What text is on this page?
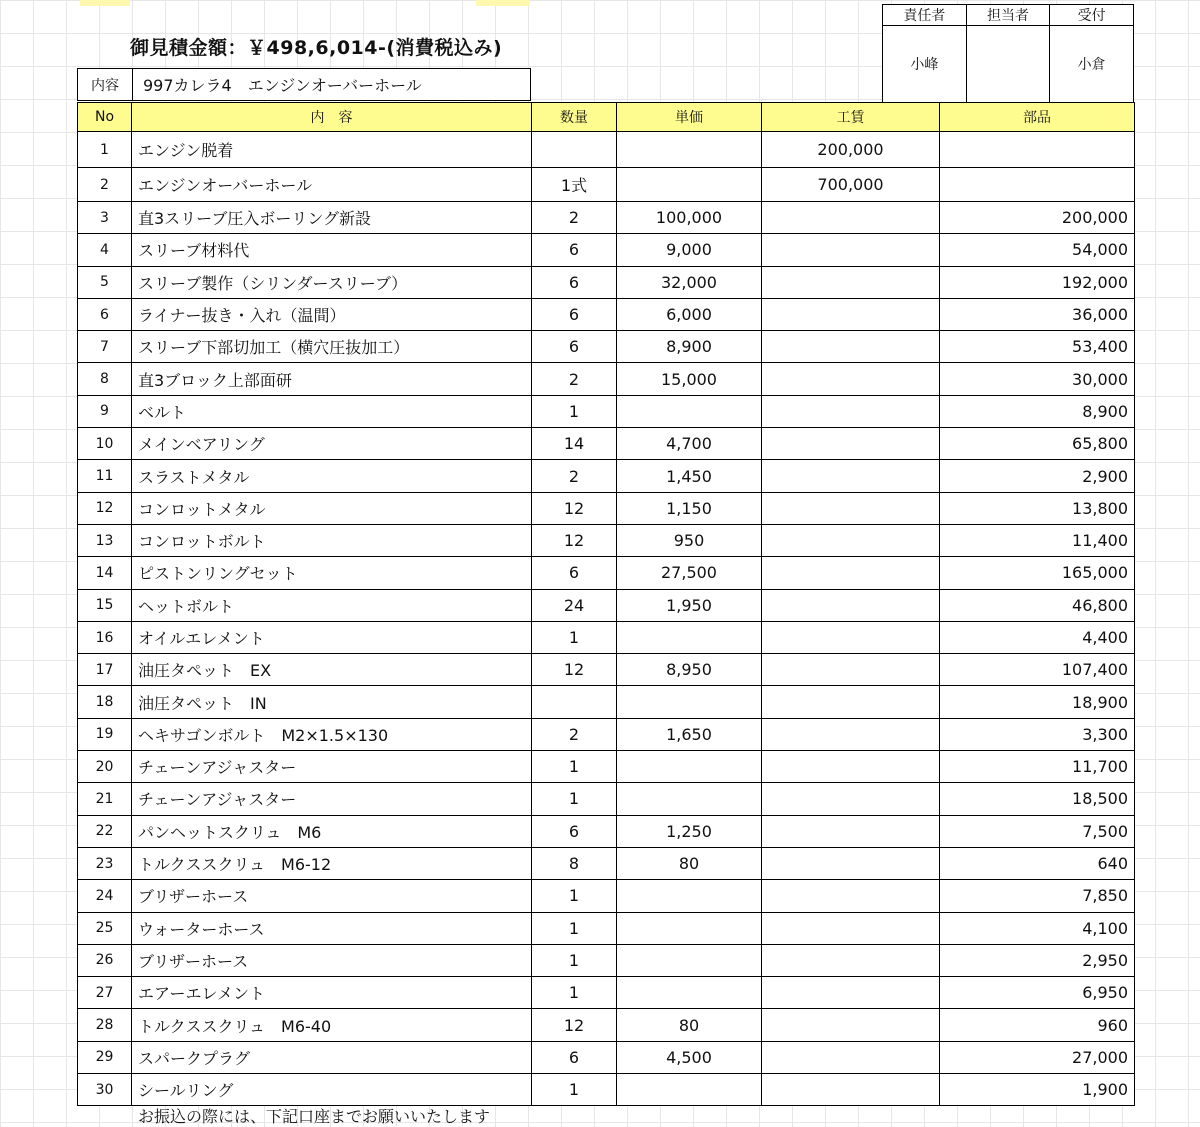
御見積金額：￥498,6,014-(消費税込み)
責任者	担当者	受付
小峰		小倉
内容	997カレラ4　エンジンオーバーホール
No	内　容	数量	単価	工賃	部品
1	エンジン脱着			200,000	
2	エンジンオーバーホール	1式		700,000	
3	直3スリーブ圧入ボーリング新設	2	100,000		200,000
4	スリーブ材料代	6	9,000		54,000
5	スリーブ製作（シリンダースリーブ）	6	32,000		192,000
6	ライナー抜き・入れ（温間）	6	6,000		36,000
7	スリーブ下部切加工（横穴圧抜加工）	6	8,900		53,400
8	直3ブロック上部面研	2	15,000		30,000
9	ベルト	1			8,900
10	メインベアリング	14	4,700		65,800
11	スラストメタル	2	1,450		2,900
12	コンロットメタル	12	1,150		13,800
13	コンロットボルト	12	950		11,400
14	ピストンリングセット	6	27,500		165,000
15	ヘットボルト	24	1,950		46,800
16	オイルエレメント	1			4,400
17	油圧タペット　EX	12	8,950		107,400
18	油圧タペット　IN				18,900
19	ヘキサゴンボルト　M2×1.5×130	2	1,650		3,300
20	チェーンアジャスター	1			11,700
21	チェーンアジャスター	1			18,500
22	パンヘットスクリュ　M6	6	1,250		7,500
23	トルクススクリュ　M6-12	8	80		640
24	ブリザーホース	1			7,850
25	ウォーターホース	1			4,100
26	ブリザーホース	1			2,950
27	エアーエレメント	1			6,950
28	トルクススクリュ　M6-40	12	80		960
29	スパークプラグ	6	4,500		27,000
30	シールリング	1			1,900
お振込の際には、下記口座までお願いいたします
